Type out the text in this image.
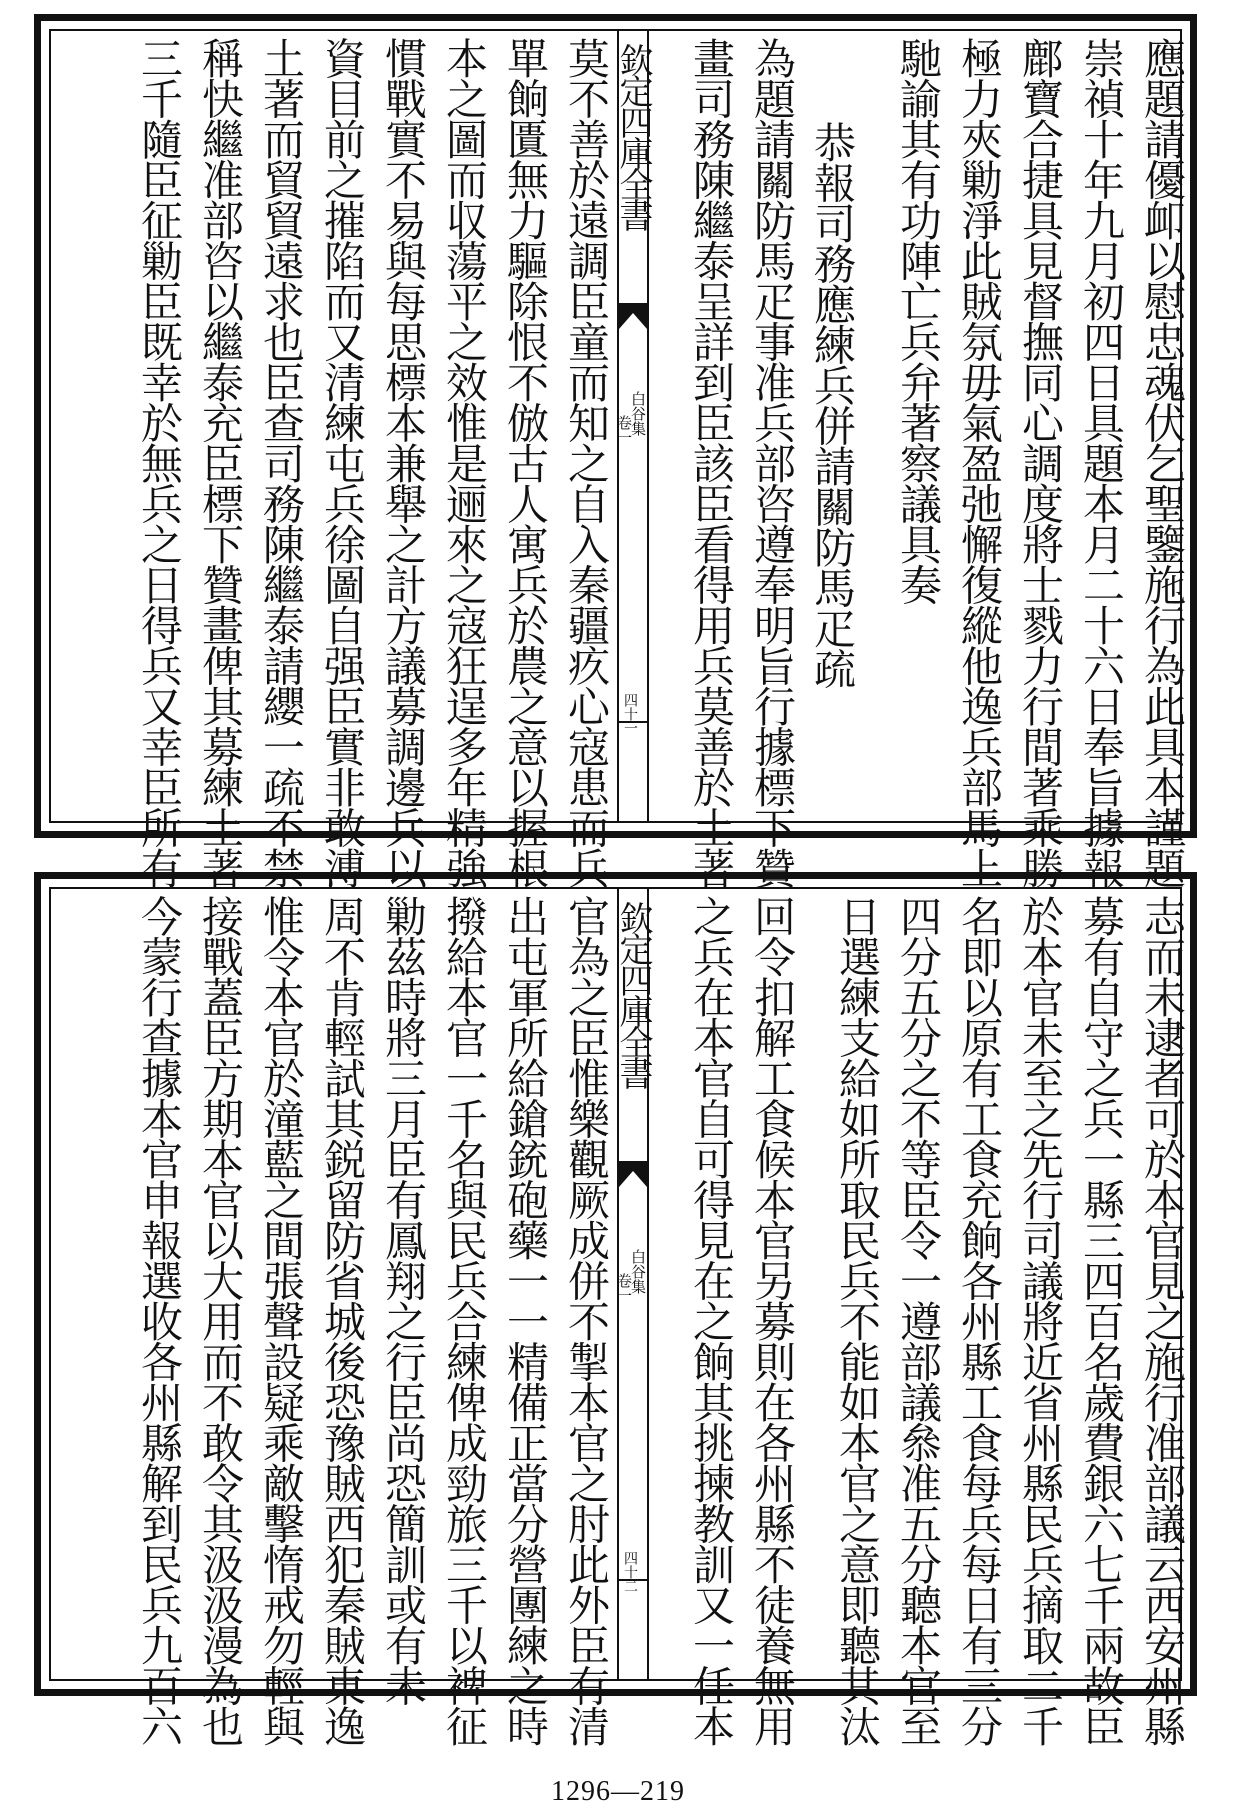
應題請優卹以慰忠魂伏乞聖鑒施行為此具本謹題
崇禎十年九月初四日具題本月二十六日奉旨據報
鄜寶合捷具見督撫同心調度將士戮力行間著乘勝
極力夾勦淨此賊氛毋氣盈弛懈復縱他逸兵部馬上
馳諭其有功陣亡兵弁著察議具奏
恭報司務應練兵併請關防馬疋疏
為題請關防馬疋事准兵部咨遵奉明旨行據標下贊
畫司務陳繼泰呈詳到臣該臣看得用兵莫善於土著
欽定四庫全書
白谷集
卷一
四十一
莫不善於遠調臣童而知之自入秦疆疚心寇患而兵
單餉匱無力驅除恨不倣古人寓兵於農之意以握根
本之圖而収蕩平之效惟是逦來之寇狂逞多年精強
慣戰實不易與每思標本兼舉之計方議募調邊兵以
資目前之摧陷而又清練屯兵徐圖自强臣實非敢溥
土著而貿貿遠求也臣查司務陳繼泰請纓一疏不禁
稱快繼准部咨以繼泰充臣標下贊畫俾其募練土著
三千隨臣征勦臣既幸於無兵之日得兵又幸臣所有
志而未逮者可於本官見之施行准部議云西安州縣
募有自守之兵一縣三四百名歲費銀六七千兩故臣
於本官未至之先行司議將近省州縣民兵摘取二千
名即以原有工食充餉各州縣工食每兵每日有三分
四分五分之不等臣令一遵部議叅准五分聽本官至
日選練支給如所取民兵不能如本官之意即聽其汰
回令扣解工食候本官另募則在各州縣不徒養無用
之兵在本官自可得見在之餉其挑揀教訓又一任本
欽定四庫全書
白谷集
卷一
四十二
官為之臣惟樂觀厥成併不掣本官之肘此外臣有清
出屯軍所給鎗銃砲藥一一精備正當分營團練之時
撥給本官一千名與民兵合練俾成勁旅三千以裨征
勦茲時將三月臣有鳳翔之行臣尚恐簡訓或有未
周不肯輕試其鋭留防省城後恐豫賊西犯秦賊東逸
惟令本官於潼藍之間張聲設疑乘敵擊惰戒勿輕與
接戰蓋臣方期本官以大用而不敢令其汲汲漫為也
今蒙行查據本官申報選收各州縣解到民兵九百六
1296—219
